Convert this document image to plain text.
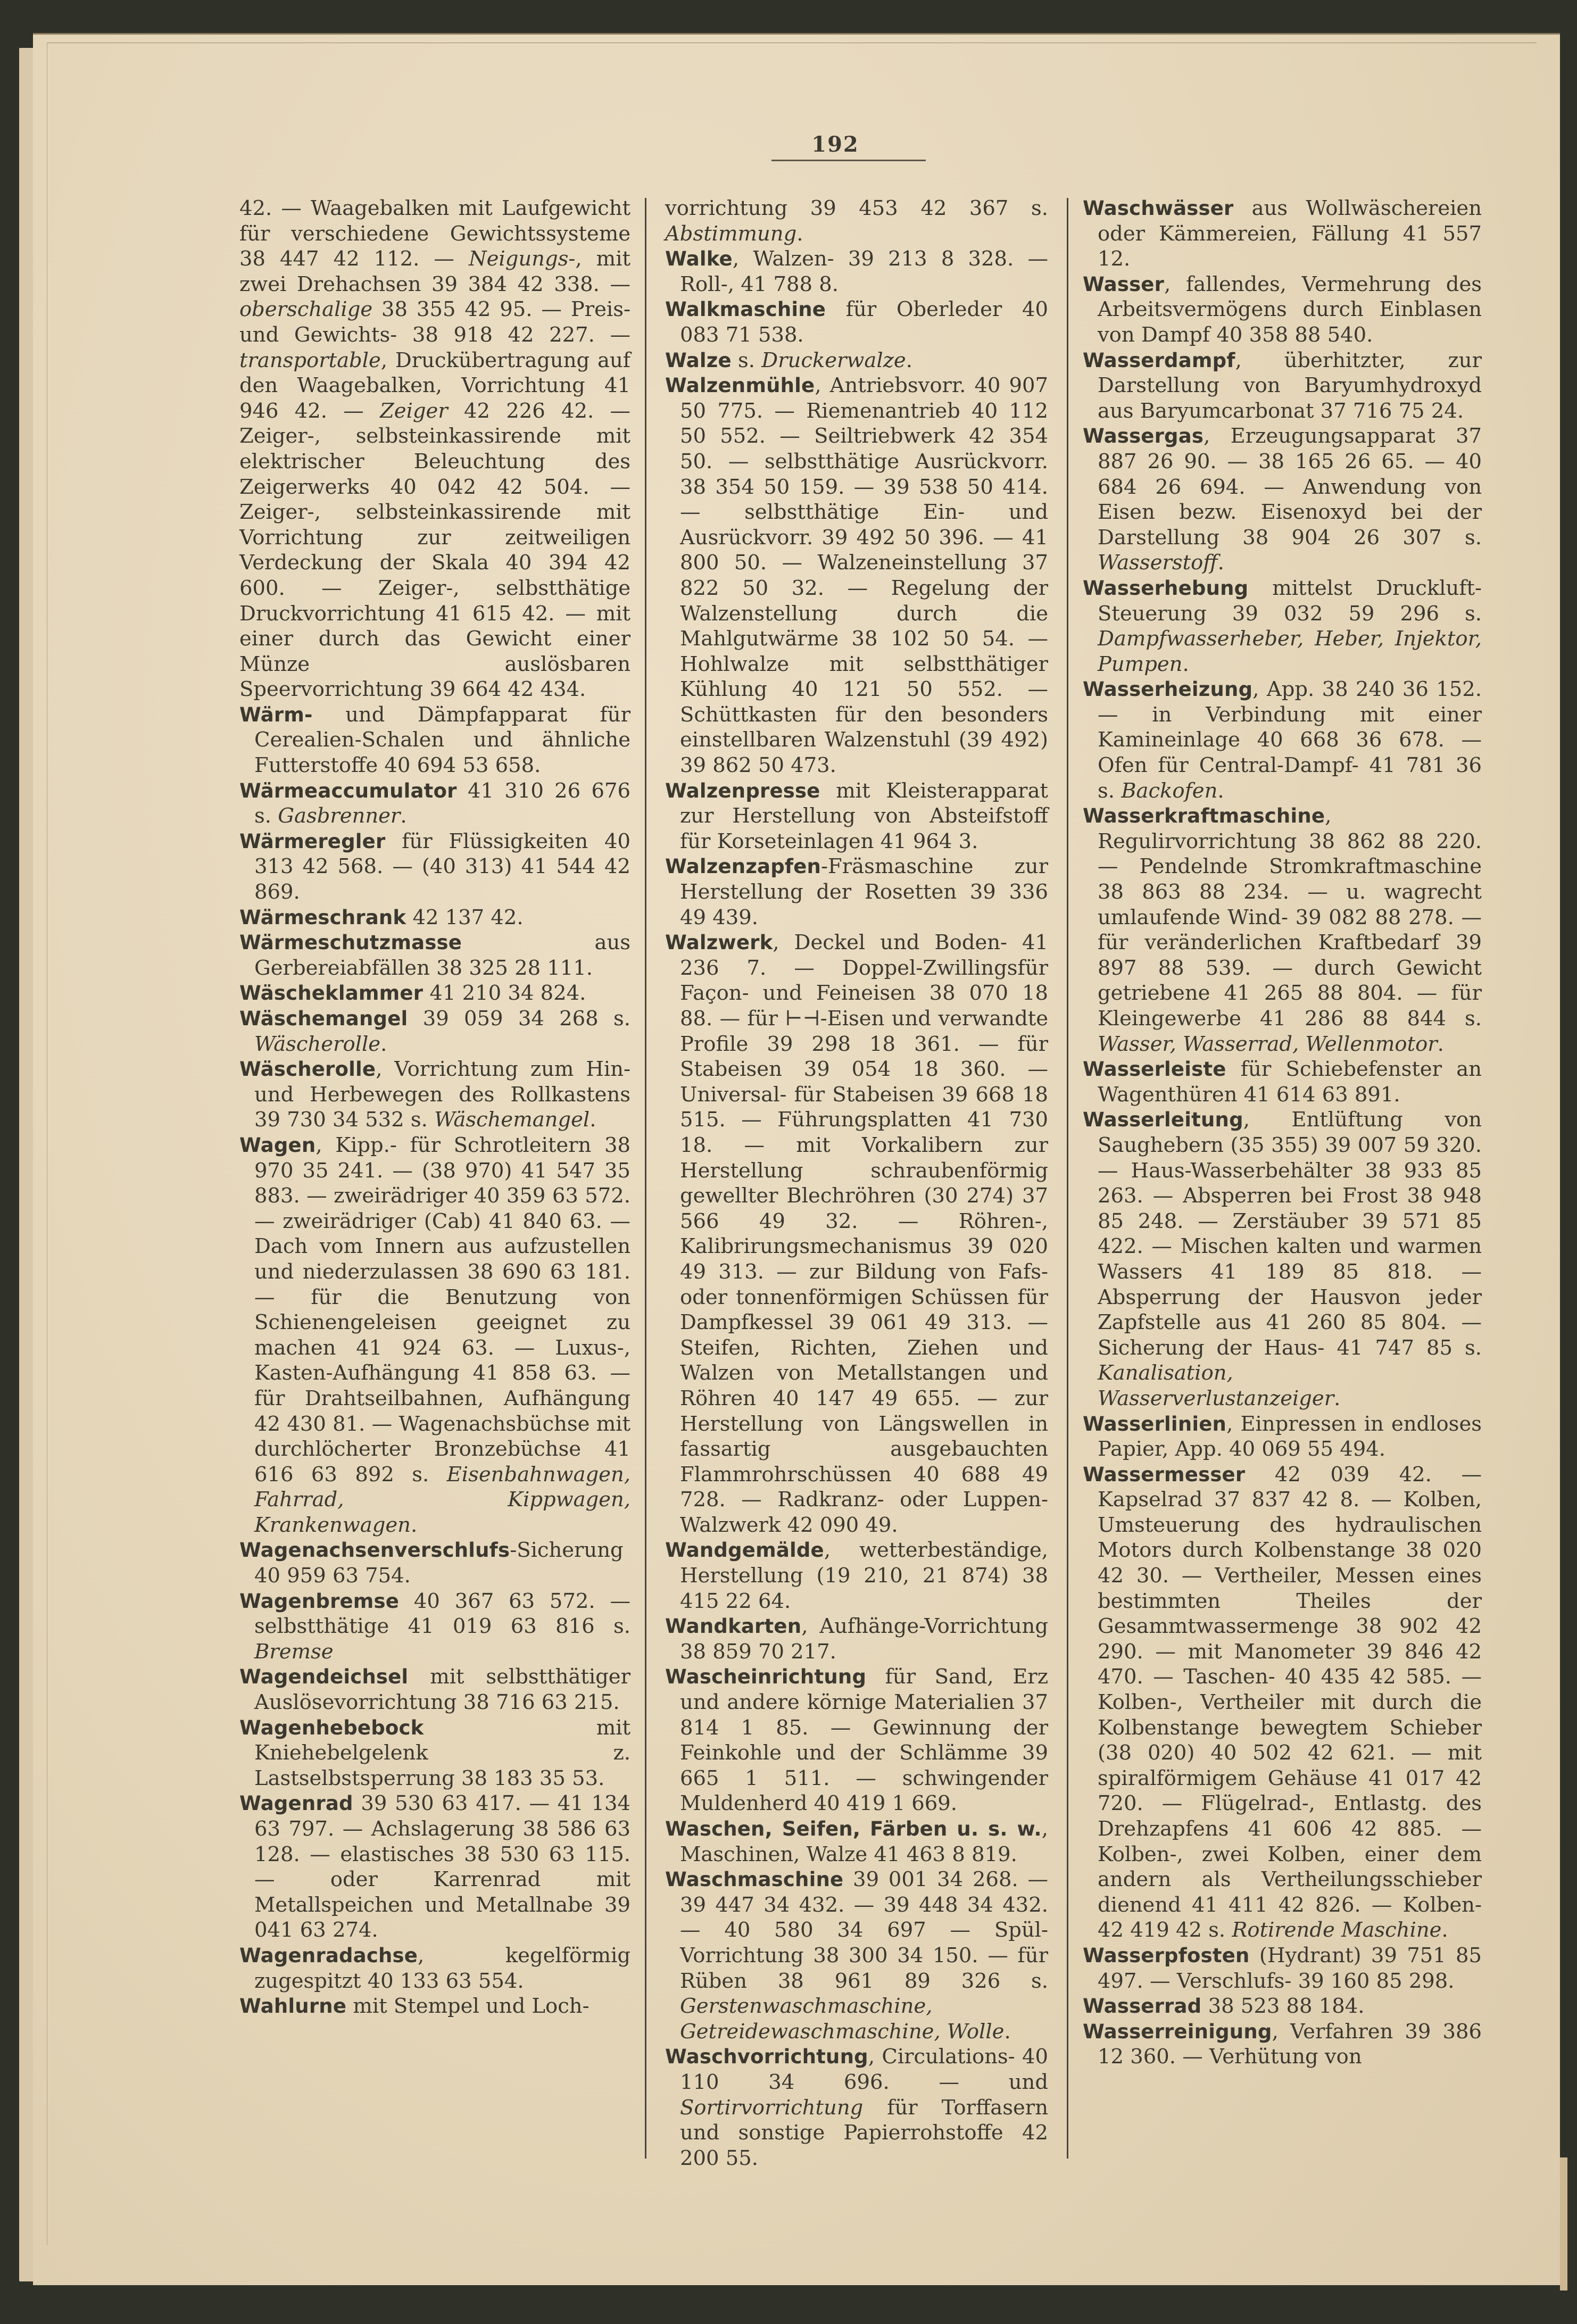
192

42. — Waagebalken mit Laufgewicht für verschiedene Gewichtssysteme 38 447 42 112. — Neigungs-, mit zwei Drehachsen 39 384 42 338. — oberschalige 38 355 42 95. — Preis- und Gewichts- 38 918 42 227. — transportable, Druckübertragung auf den Waagebalken, Vorrichtung 41 946 42. — Zeiger 42 226 42. — Zeiger-, selbsteinkassirende mit elektrischer Beleuchtung des Zeigerwerks 40 042 42 504. — Zeiger-, selbsteinkassirende mit Vorrichtung zur zeitweiligen Verdeckung der Skala 40 394 42 600. — Zeiger-, selbstthätige Druckvorrichtung 41 615 42. — mit einer durch das Gewicht einer Münze auslösbaren Speervorrichtung 39 664 42 434.

Wärm- und Dämpfapparat für Cerealien-Schalen und ähnliche Futterstoffe 40 694 53 658.

Wärmeaccumulator 41 310 26 676 s. Gasbrenner.

Wärmeregler für Flüssigkeiten 40 313 42 568. — (40 313) 41 544 42 869.

Wärmeschrank 42 137 42.

Wärmeschutzmasse aus Gerbereiabfällen 38 325 28 111.

Wäscheklammer 41 210 34 824.

Wäschemangel 39 059 34 268 s. Wäscherolle.

Wäscherolle, Vorrichtung zum Hin- und Herbewegen des Rollkastens 39 730 34 532 s. Wäschemangel.

Wagen, Kipp.- für Schrotleitern 38 970 35 241. — (38 970) 41 547 35 883. — zweirädriger 40 359 63 572. — zweirädriger (Cab) 41 840 63. — Dach vom Innern aus aufzustellen und niederzulassen 38 690 63 181. — für die Benutzung von Schienengeleisen geeignet zu machen 41 924 63. — Luxus-, Kasten-Aufhängung 41 858 63. — für Drahtseilbahnen, Aufhängung 42 430 81. — Wagenachsbüchse mit durchlöcherter Bronzebüchse 41 616 63 892 s. Eisenbahnwagen, Fahrrad, Kippwagen, Krankenwagen.

Wagenachsenverschlufs-Sicherung 40 959 63 754.

Wagenbremse 40 367 63 572. — selbstthätige 41 019 63 816 s. Bremse

Wagendeichsel mit selbstthätiger Auslösevorrichtung 38 716 63 215.

Wagenhebebock mit Kniehebelgelenk z. Lastselbstsperrung 38 183 35 53.

Wagenrad 39 530 63 417. — 41 134 63 797. — Achslagerung 38 586 63 128. — elastisches 38 530 63 115. — oder Karrenrad mit Metallspeichen und Metallnabe 39 041 63 274.

Wagenradachse, kegelförmig zugespitzt 40 133 63 554.

Wahlurne mit Stempel und Loch-

vorrichtung 39 453 42 367 s. Abstimmung.

Walke, Walzen- 39 213 8 328. — Roll-, 41 788 8.

Walkmaschine für Oberleder 40 083 71 538.

Walze s. Druckerwalze.

Walzenmühle, Antriebsvorr. 40 907 50 775. — Riemenantrieb 40 112 50 552. — Seiltriebwerk 42 354 50. — selbstthätige Ausrückvorr. 38 354 50 159. — 39 538 50 414. — selbstthätige Ein- und Ausrückvorr. 39 492 50 396. — 41 800 50. — Walzeneinstellung 37 822 50 32. — Regelung der Walzenstellung durch die Mahlgutwärme 38 102 50 54. — Hohlwalze mit selbstthätiger Kühlung 40 121 50 552. — Schüttkasten für den besonders einstellbaren Walzenstuhl (39 492) 39 862 50 473.

Walzenpresse mit Kleisterapparat zur Herstellung von Absteifstoff für Korseteinlagen 41 964 3.

Walzenzapfen-Fräsmaschine zur Herstellung der Rosetten 39 336 49 439.

Walzwerk, Deckel und Boden- 41 236 7. — Doppel-Zwillingsfür Façon- und Feineisen 38 070 18 88. — für ⊢⊣-Eisen und verwandte Profile 39 298 18 361. — für Stabeisen 39 054 18 360. — Universal- für Stabeisen 39 668 18 515. — Führungsplatten 41 730 18. — mit Vorkalibern zur Herstellung schraubenförmig gewellter Blechröhren (30 274) 37 566 49 32. — Röhren-, Kalibrirungsmechanismus 39 020 49 313. — zur Bildung von Fafs- oder tonnenförmigen Schüssen für Dampfkessel 39 061 49 313. — Steifen, Richten, Ziehen und Walzen von Metallstangen und Röhren 40 147 49 655. — zur Herstellung von Längswellen in fassartig ausgebauchten Flammrohrschüssen 40 688 49 728. — Radkranz- oder Luppen-Walzwerk 42 090 49.

Wandgemälde, wetterbeständige, Herstellung (19 210, 21 874) 38 415 22 64.

Wandkarten, Aufhänge-Vorrichtung 38 859 70 217.

Wascheinrichtung für Sand, Erz und andere körnige Materialien 37 814 1 85. — Gewinnung der Feinkohle und der Schlämme 39 665 1 511. — schwingender Muldenherd 40 419 1 669.

Waschen, Seifen, Färben u. s. w., Maschinen, Walze 41 463 8 819.

Waschmaschine 39 001 34 268. — 39 447 34 432. — 39 448 34 432. — 40 580 34 697 — Spül-Vorrichtung 38 300 34 150. — für Rüben 38 961 89 326 s. Gerstenwaschmaschine, Getreidewaschmaschine, Wolle.

Waschvorrichtung, Circulations- 40 110 34 696. — und Sortirvorrichtung für Torffasern und sonstige Papierrohstoffe 42 200 55.

Waschwässer aus Wollwäschereien oder Kämmereien, Fällung 41 557 12.

Wasser, fallendes, Vermehrung des Arbeitsvermögens durch Einblasen von Dampf 40 358 88 540.

Wasserdampf, überhitzter, zur Darstellung von Baryumhydroxyd aus Baryumcarbonat 37 716 75 24.

Wassergas, Erzeugungsapparat 37 887 26 90. — 38 165 26 65. — 40 684 26 694. — Anwendung von Eisen bezw. Eisenoxyd bei der Darstellung 38 904 26 307 s. Wasserstoff.

Wasserhebung mittelst Druckluft-Steuerung 39 032 59 296 s. Dampfwasserheber, Heber, Injektor, Pumpen.

Wasserheizung, App. 38 240 36 152. — in Verbindung mit einer Kamineinlage 40 668 36 678. — Ofen für Central-Dampf- 41 781 36 s. Backofen.

Wasserkraftmaschine, Regulirvorrichtung 38 862 88 220. — Pendelnde Stromkraftmaschine 38 863 88 234. — u. wagrecht umlaufende Wind- 39 082 88 278. — für veränderlichen Kraftbedarf 39 897 88 539. — durch Gewicht getriebene 41 265 88 804. — für Kleingewerbe 41 286 88 844 s. Wasser, Wasserrad, Wellenmotor.

Wasserleiste für Schiebefenster an Wagenthüren 41 614 63 891.

Wasserleitung, Entlüftung von Saughebern (35 355) 39 007 59 320. — Haus-Wasserbehälter 38 933 85 263. — Absperren bei Frost 38 948 85 248. — Zerstäuber 39 571 85 422. — Mischen kalten und warmen Wassers 41 189 85 818. — Absperrung der Hausvon jeder Zapfstelle aus 41 260 85 804. — Sicherung der Haus- 41 747 85 s. Kanalisation, Wasserverlustanzeiger.

Wasserlinien, Einpressen in endloses Papier, App. 40 069 55 494.

Wassermesser 42 039 42. — Kapselrad 37 837 42 8. — Kolben, Umsteuerung des hydraulischen Motors durch Kolbenstange 38 020 42 30. — Vertheiler, Messen eines bestimmten Theiles der Gesammtwassermenge 38 902 42 290. — mit Manometer 39 846 42 470. — Taschen- 40 435 42 585. — Kolben-, Vertheiler mit durch die Kolbenstange bewegtem Schieber (38 020) 40 502 42 621. — mit spiralförmigem Gehäuse 41 017 42 720. — Flügelrad-, Entlastg. des Drehzapfens 41 606 42 885. — Kolben-, zwei Kolben, einer dem andern als Vertheilungsschieber dienend 41 411 42 826. — Kolben- 42 419 42 s. Rotirende Maschine.

Wasserpfosten (Hydrant) 39 751 85 497. — Verschlufs- 39 160 85 298.

Wasserrad 38 523 88 184.

Wasserreinigung, Verfahren 39 386 12 360. — Verhütung von
